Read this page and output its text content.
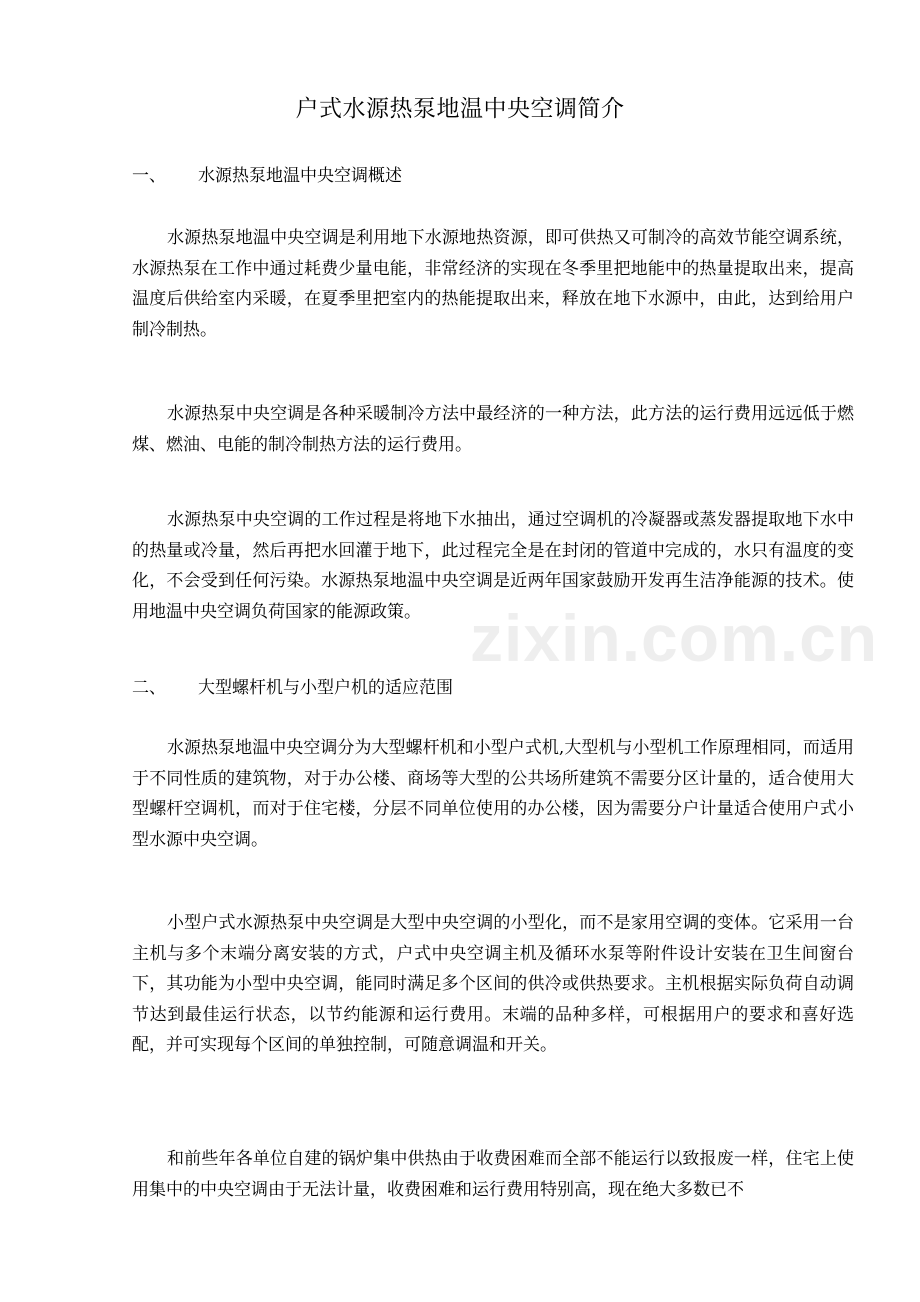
户式水源热泵地温中央空调简介
一、 水源热泵地温中央空调概述

水源热泵地温中央空调是利用地下水源地热资源，即可供热又可制冷的高效节能空调系统，水源热泵在工作中通过耗费少量电能，非常经济的实现在冬季里把地能中的热量提取出来，提高温度后供给室内采暖，在夏季里把室内的热能提取出来，释放在地下水源中，由此，达到给用户制冷制热。

水源热泵中央空调是各种采暖制冷方法中最经济的一种方法，此方法的运行费用远远低于燃煤、燃油、电能的制冷制热方法的运行费用。

水源热泵中央空调的工作过程是将地下水抽出，通过空调机的冷凝器或蒸发器提取地下水中的热量或冷量，然后再把水回灌于地下，此过程完全是在封闭的管道中完成的，水只有温度的变化，不会受到任何污染。水源热泵地温中央空调是近两年国家鼓励开发再生洁净能源的技术。使用地温中央空调负荷国家的能源政策。

二、 大型螺杆机与小型户机的适应范围

水源热泵地温中央空调分为大型螺杆机和小型户式机,大型机与小型机工作原理相同，而适用于不同性质的建筑物，对于办公楼、商场等大型的公共场所建筑不需要分区计量的，适合使用大型螺杆空调机，而对于住宅楼，分层不同单位使用的办公楼，因为需要分户计量适合使用户式小型水源中央空调。

小型户式水源热泵中央空调是大型中央空调的小型化，而不是家用空调的变体。它采用一台主机与多个末端分离安装的方式，户式中央空调主机及循环水泵等附件设计安装在卫生间窗台下，其功能为小型中央空调，能同时满足多个区间的供冷或供热要求。主机根据实际负荷自动调节达到最佳运行状态，以节约能源和运行费用。末端的品种多样，可根据用户的要求和喜好选配，并可实现每个区间的单独控制，可随意调温和开关。

和前些年各单位自建的锅炉集中供热由于收费困难而全部不能运行以致报废一样，住宅上使用集中的中央空调由于无法计量，收费困难和运行费用特别高，现在绝大多数已不

zixin.com.cn
